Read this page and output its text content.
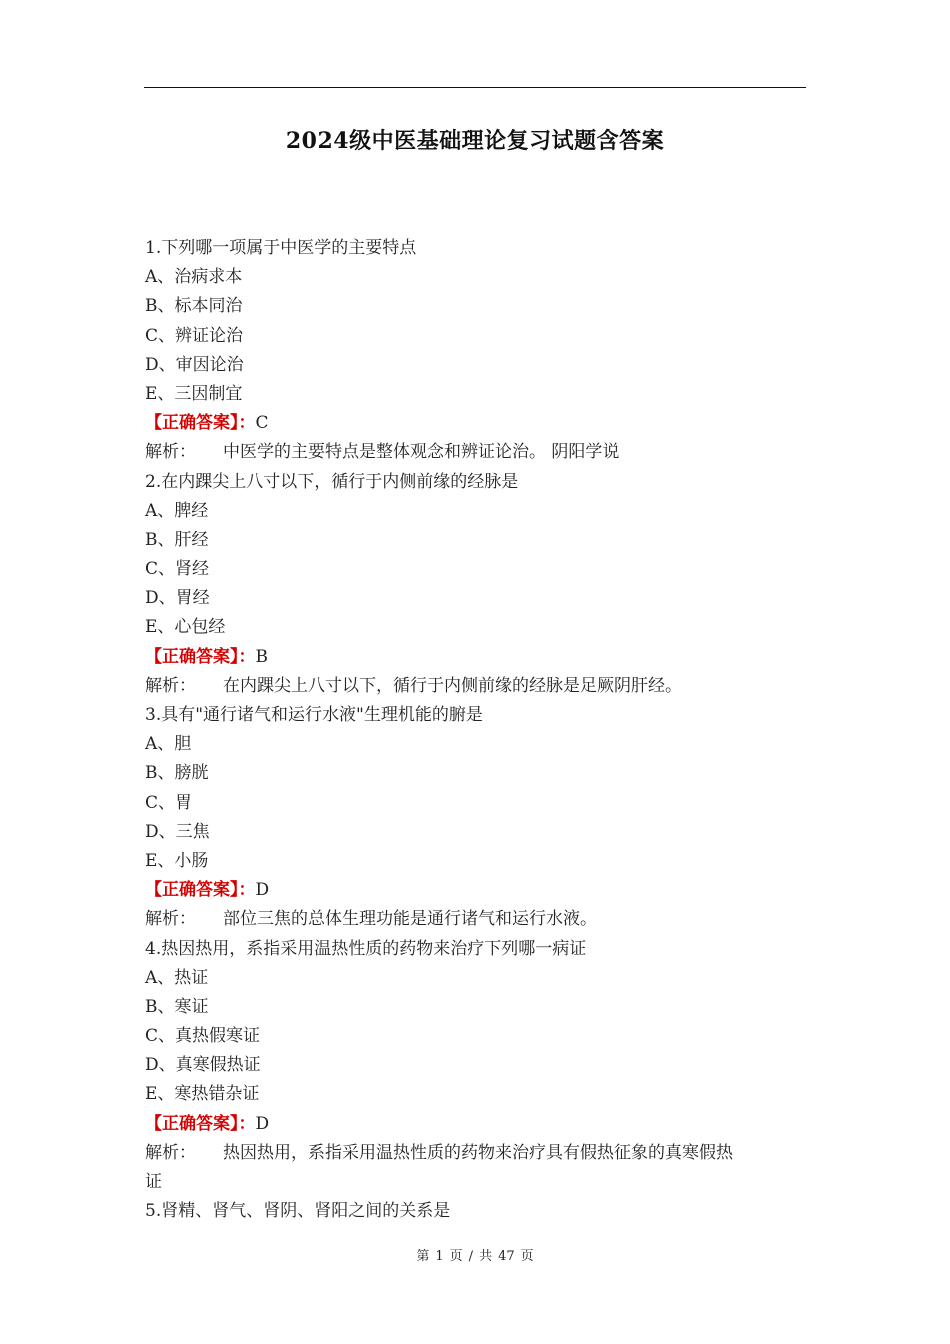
2024级中医基础理论复习试题含答案
1.下列哪一项属于中医学的主要特点
A、治病求本
B、标本同治
C、辨证论治
D、审因论治
E、三因制宜
【正确答案】：C
解析： 中医学的主要特点是整体观念和辨证论治。 阴阳学说
2.在内踝尖上八寸以下，循行于内侧前缘的经脉是
A、脾经
B、肝经
C、肾经
D、胃经
E、心包经
【正确答案】：B
解析： 在内踝尖上八寸以下，循行于内侧前缘的经脉是足厥阴肝经。
3.具有"通行诸气和运行水液"生理机能的腑是
A、胆
B、膀胱
C、胃
D、三焦
E、小肠
【正确答案】：D
解析： 部位三焦的总体生理功能是通行诸气和运行水液。
4.热因热用，系指采用温热性质的药物来治疗下列哪一病证
A、热证
B、寒证
C、真热假寒证
D、真寒假热证
E、寒热错杂证
【正确答案】：D
解析： 热因热用，系指采用温热性质的药物来治疗具有假热征象的真寒假热
证
5.肾精、肾气、肾阴、肾阳之间的关系是
第 1 页 / 共 47 页
